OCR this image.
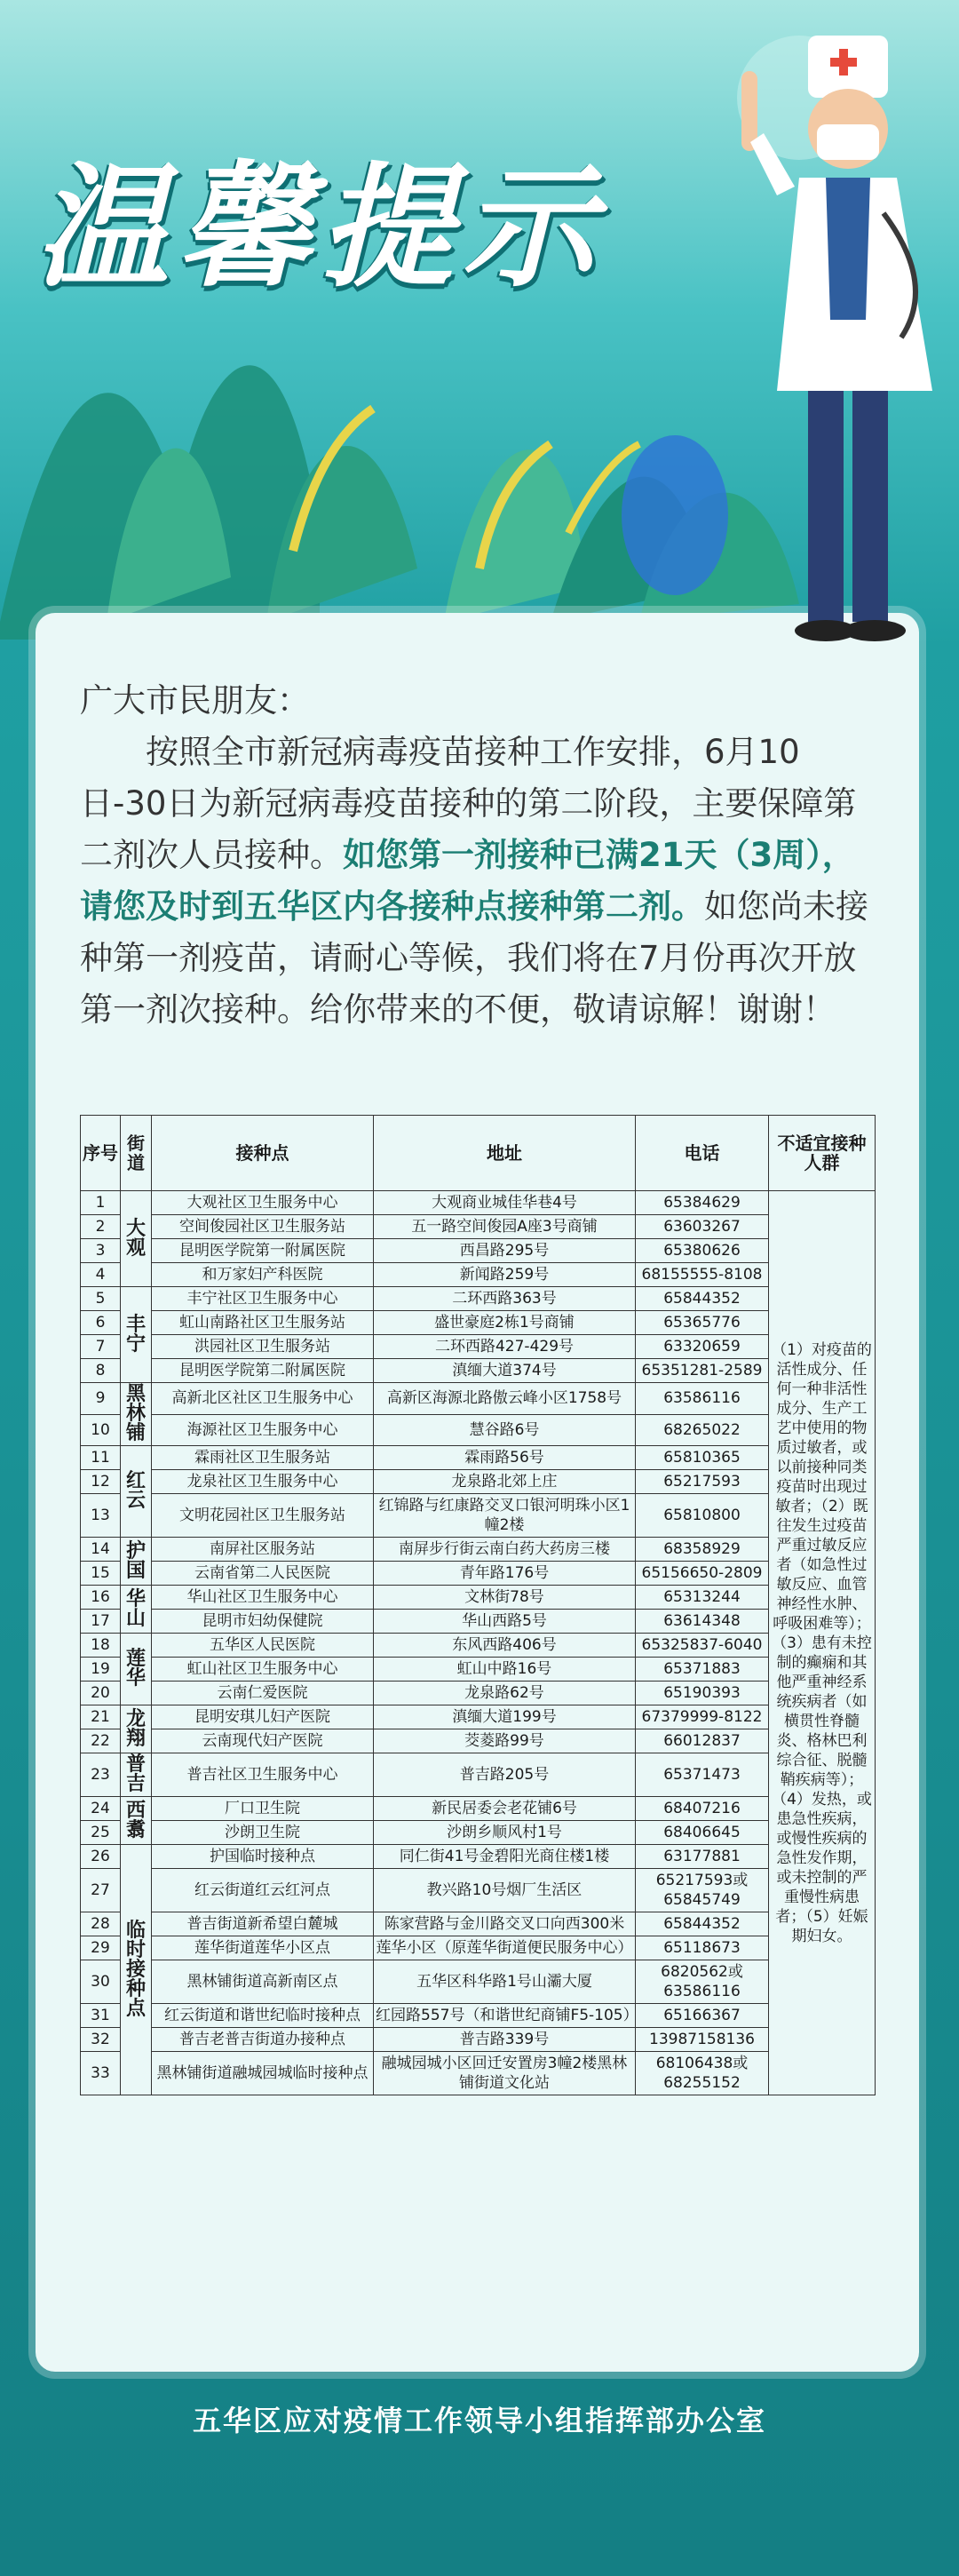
温馨提示

广大市民朋友：

按照全市新冠病毒疫苗接种工作安排，6月10日-30日为新冠病毒疫苗接种的第二阶段，主要保障第二剂次人员接种。如您第一剂接种已满21天（3周），请您及时到五华区内各接种点接种第二剂。如您尚未接种第一剂疫苗，请耐心等候，我们将在7月份再次开放第一剂次接种。给你带来的不便，敬请谅解！谢谢！

序号	街道	接种点	地址	电话	不适宜接种人群
1	大观	大观社区卫生服务中心	大观商业城佳华巷4号	65384629	（1）对疫苗的活性成分、任何一种非活性成分、生产工艺中使用的物质过敏者，或以前接种同类疫苗时出现过敏者；（2）既往发生过疫苗严重过敏反应者（如急性过敏反应、血管神经性水肿、呼吸困难等）；（3）患有未控制的癫痫和其他严重神经系统疾病者（如横贯性脊髓炎、格林巴利综合征、脱髓鞘疾病等）；（4）发热，或患急性疾病，或慢性疾病的急性发作期，或未控制的严重慢性病患者；（5）妊娠期妇女。
2		空间俊园社区卫生服务站	五一路空间俊园A座3号商铺	63603267	
3		昆明医学院第一附属医院	西昌路295号	65380626	
4		和万家妇产科医院	新闻路259号	68155555-8108	
5	丰宁	丰宁社区卫生服务中心	二环西路363号	65844352	
6		虹山南路社区卫生服务站	盛世豪庭2栋1号商铺	65365776	
7		洪园社区卫生服务站	二环西路427-429号	63320659	
8		昆明医学院第二附属医院	滇缅大道374号	65351281-2589	
9	黑林铺	高新北区社区卫生服务中心	高新区海源北路傲云峰小区1758号	63586116	
10		海源社区卫生服务中心	慧谷路6号	68265022	
11	红云	霖雨社区卫生服务站	霖雨路56号	65810365	
12		龙泉社区卫生服务中心	龙泉路北郊上庄	65217593	
13		文明花园社区卫生服务站	红锦路与红康路交叉口银河明珠小区1幢2楼	65810800	
14	护国	南屏社区服务站	南屏步行街云南白药大药房三楼	68358929	
15		云南省第二人民医院	青年路176号	65156650-2809	
16	华山	华山社区卫生服务中心	文林街78号	65313244	
17		昆明市妇幼保健院	华山西路5号	63614348	
18	莲华	五华区人民医院	东风西路406号	65325837-6040	
19		虹山社区卫生服务中心	虹山中路16号	65371883	
20		云南仁爱医院	龙泉路62号	65190393	
21	龙翔	昆明安琪儿妇产医院	滇缅大道199号	67379999-8122	
22		云南现代妇产医院	茭菱路99号	66012837	
23	普吉	普吉社区卫生服务中心	普吉路205号	65371473	
24	西翥	厂口卫生院	新民居委会老花铺6号	68407216	
25		沙朗卫生院	沙朗乡顺风村1号	68406645	
26	临时接种点	护国临时接种点	同仁街41号金碧阳光商住楼1楼	63177881	
27		红云街道红云红河点	教兴路10号烟厂生活区	65217593或65845749	
28		普吉街道新希望白麓城	陈家营路与金川路交叉口向西300米	65844352	
29		莲华街道莲华小区点	莲华小区（原莲华街道便民服务中心）	65118673	
30		黑林铺街道高新南区点	五华区科华路1号山灞大厦	6820562或63586116	
31		红云街道和谐世纪临时接种点	红园路557号（和谐世纪商铺F5-105）	65166367	
32		普吉老普吉街道办接种点	普吉路339号	13987158136	
33		黑林铺街道融城园城临时接种点	融城园城小区回迁安置房3幢2楼黑林铺街道文化站	68106438或68255152	
五华区应对疫情工作领导小组指挥部办公室
